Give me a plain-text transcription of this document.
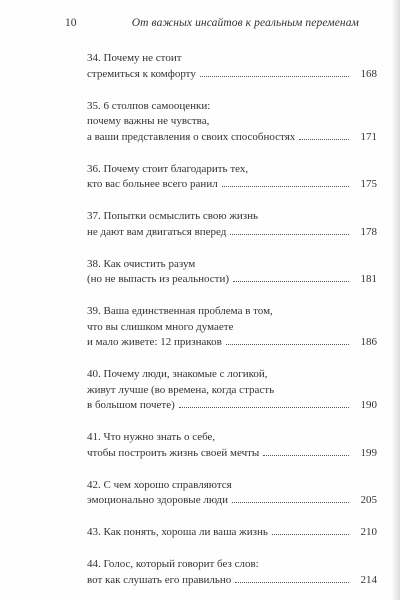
10	От важных инсайтов к реальным переменам
34. Почему не стоит
стремиться к комфорту	168
35. 6 столпов самооценки:
почему важны не чувства,
а ваши представления о своих способностях	171
36. Почему стоит благодарить тех,
кто вас больнее всего ранил	175
37. Попытки осмыслить свою жизнь
не дают вам двигаться вперед	178
38. Как очистить разум
(но не выпасть из реальности)	181
39. Ваша единственная проблема в том,
что вы слишком много думаете
и мало живете: 12 признаков	186
40. Почему люди, знакомые с логикой,
живут лучше (во времена, когда страсть
в большом почете)	190
41. Что нужно знать о себе,
чтобы построить жизнь своей мечты	199
42. С чем хорошо справляются
эмоционально здоровые люди	205
43. Как понять, хороша ли ваша жизнь	210
44. Голос, который говорит без слов:
вот как слушать его правильно	214
